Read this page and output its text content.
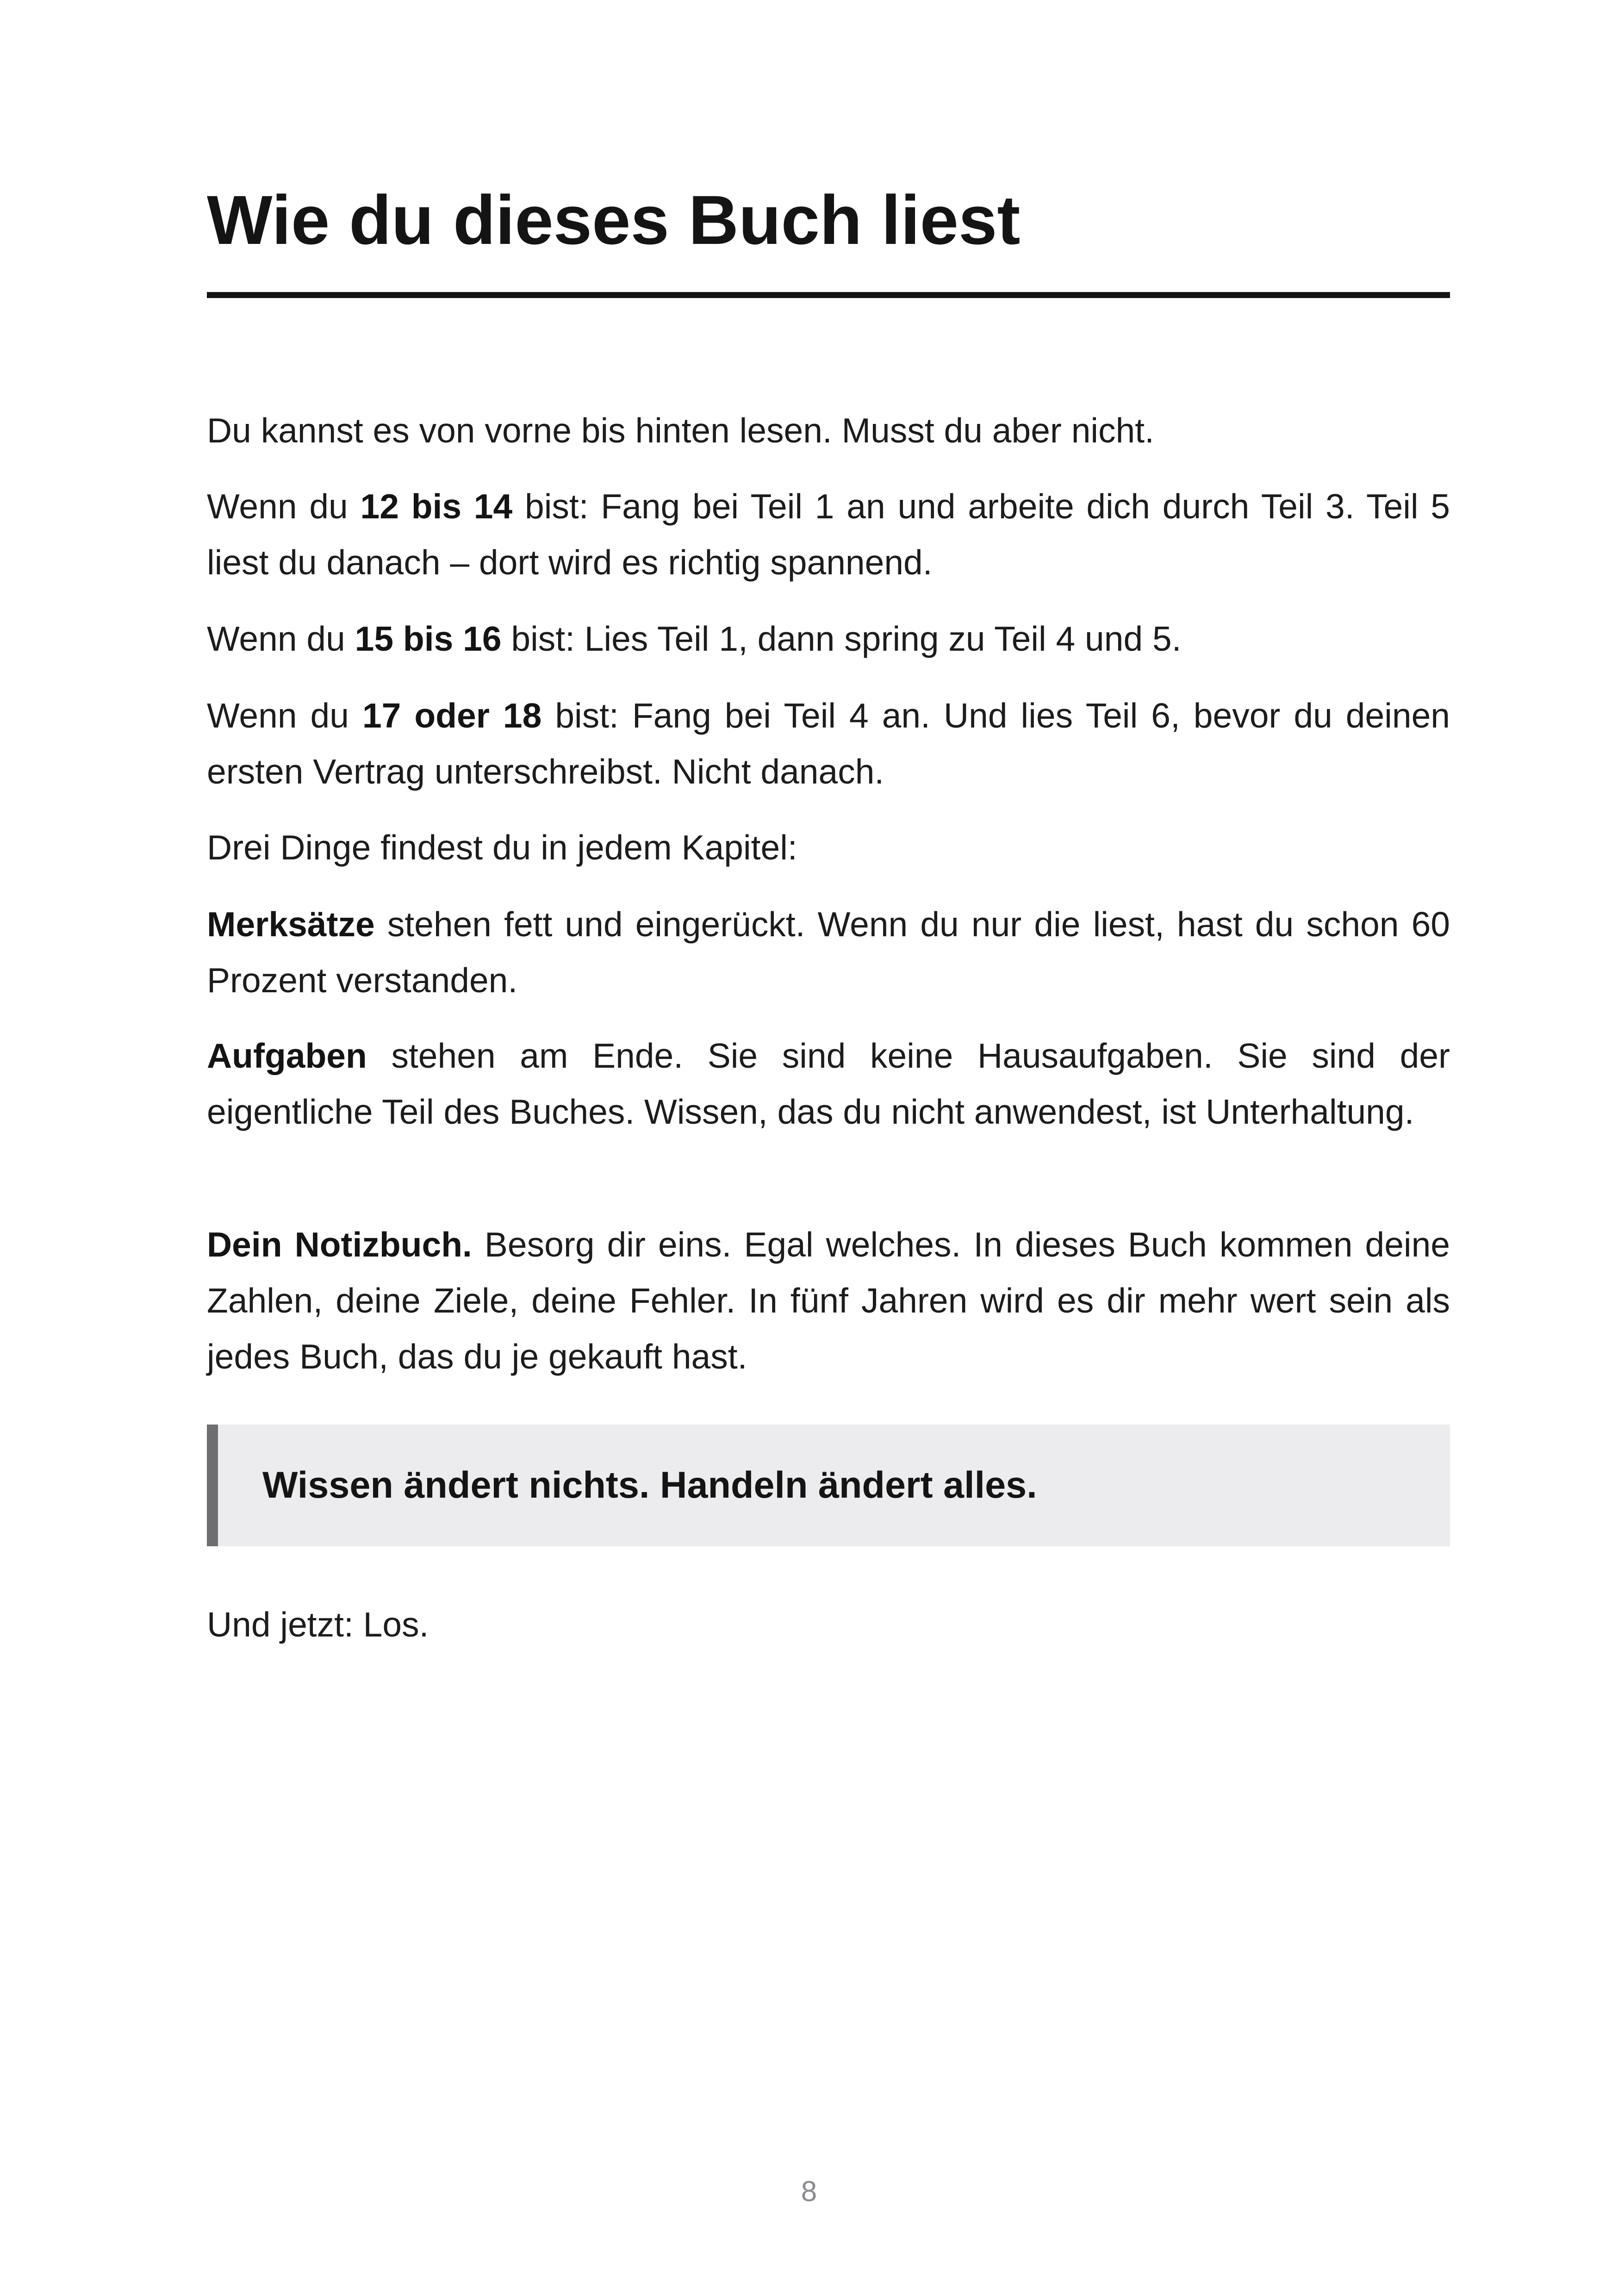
Wie du dieses Buch liest

Du kannst es von vorne bis hinten lesen. Musst du aber nicht.

Wenn du 12 bis 14 bist: Fang bei Teil 1 an und arbeite dich durch Teil 3. Teil 5 liest du danach – dort wird es richtig spannend.

Wenn du 15 bis 16 bist: Lies Teil 1, dann spring zu Teil 4 und 5.

Wenn du 17 oder 18 bist: Fang bei Teil 4 an. Und lies Teil 6, bevor du deinen ersten Vertrag unterschreibst. Nicht danach.

Drei Dinge findest du in jedem Kapitel:

Merksätze stehen fett und eingerückt. Wenn du nur die liest, hast du schon 60 Prozent verstanden.

Aufgaben stehen am Ende. Sie sind keine Hausaufgaben. Sie sind der eigentliche Teil des Buches. Wissen, das du nicht anwendest, ist Unterhaltung.

Dein Notizbuch. Besorg dir eins. Egal welches. In dieses Buch kommen deine Zahlen, deine Ziele, deine Fehler. In fünf Jahren wird es dir mehr wert sein als jedes Buch, das du je gekauft hast.

Wissen ändert nichts. Handeln ändert alles.

Und jetzt: Los.

8
